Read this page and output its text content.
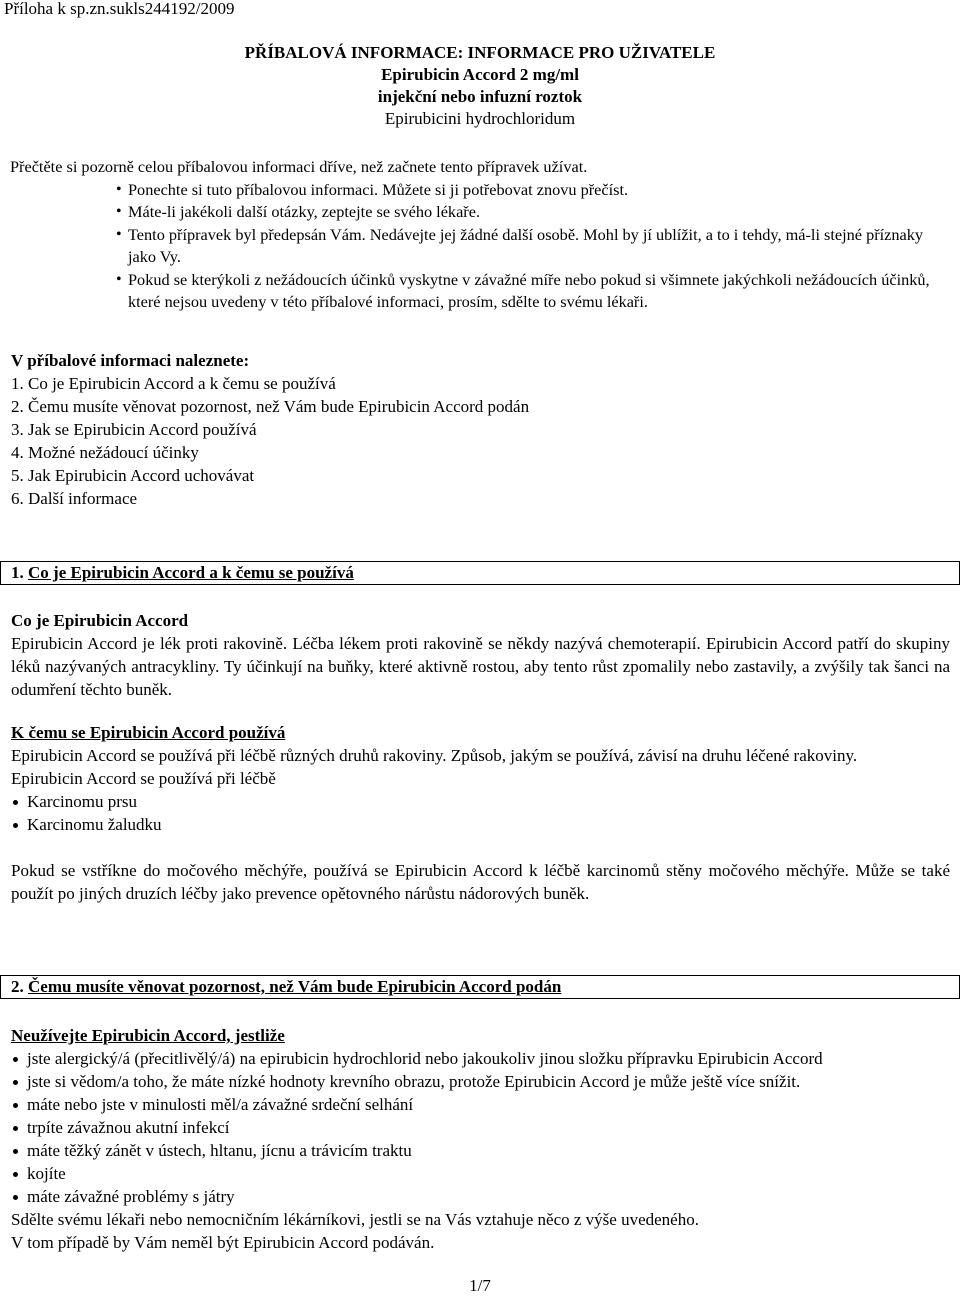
Příloha k sp.zn.sukls244192/2009
PŘÍBALOVÁ INFORMACE: INFORMACE PRO UŽIVATELE
Epirubicin Accord 2 mg/ml
injekční nebo infuzní roztok
Epirubicini hydrochloridum
Přečtěte si pozorně celou příbalovou informaci dříve, než začnete tento přípravek užívat.
• Ponechte si tuto příbalovou informaci. Můžete si ji potřebovat znovu přečíst.
• Máte-li jakékoli další otázky, zeptejte se svého lékaře.
• Tento přípravek byl předepsán Vám. Nedávejte jej žádné další osobě. Mohl by jí ublížit, a to i tehdy, má-li stejné příznaky jako Vy.
• Pokud se kterýkoli z nežádoucích účinků vyskytne v závažné míře nebo pokud si všimnete jakýchkoli nežádoucích účinků, které nejsou uvedeny v této příbalové informaci, prosím, sdělte to svému lékaři.
V příbalové informaci naleznete:
1. Co je Epirubicin Accord a k čemu se používá
2. Čemu musíte věnovat pozornost, než Vám bude Epirubicin Accord podán
3. Jak se Epirubicin Accord používá
4. Možné nežádoucí účinky
5. Jak Epirubicin Accord uchovávat
6. Další informace
1. Co je Epirubicin Accord a k čemu se používá
Co je Epirubicin Accord
Epirubicin Accord je lék proti rakovině. Léčba lékem proti rakovině se někdy nazývá chemoterapií. Epirubicin Accord patří do skupiny léků nazývaných antracykliny. Ty účinkují na buňky, které aktivně rostou, aby tento růst zpomalily nebo zastavily, a zvýšily tak šanci na odumření těchto buněk.
K čemu se Epirubicin Accord používá
Epirubicin Accord se používá při léčbě různých druhů rakoviny. Způsob, jakým se používá, závisí na druhu léčené rakoviny.
Epirubicin Accord se používá při léčbě
Karcinomu prsu
Karcinomu žaludku
Pokud se vstříkne do močového měchýře, používá se Epirubicin Accord k léčbě karcinomů stěny močového měchýře. Může se také použít po jiných druzích léčby jako prevence opětovného nárůstu nádorových buněk.
2. Čemu musíte věnovat pozornost, než Vám bude Epirubicin Accord podán
Neužívejte Epirubicin Accord, jestliže
jste alergický/á (přecitlivělý/á) na epirubicin hydrochlorid nebo jakoukoliv jinou složku přípravku Epirubicin Accord
jste si vědom/a toho, že máte nízké hodnoty krevního obrazu, protože Epirubicin Accord je může ještě více snížit.
máte nebo jste v minulosti měl/a závažné srdeční selhání
trpíte závažnou akutní infekcí
máte těžký zánět v ústech, hltanu, jícnu a trávicím traktu
kojíte
máte závažné problémy s játry
Sdělte svému lékaři nebo nemocničním lékárníkovi, jestli se na Vás vztahuje něco z výše uvedeného.
V tom případě by Vám neměl být Epirubicin Accord podáván.
1/7
